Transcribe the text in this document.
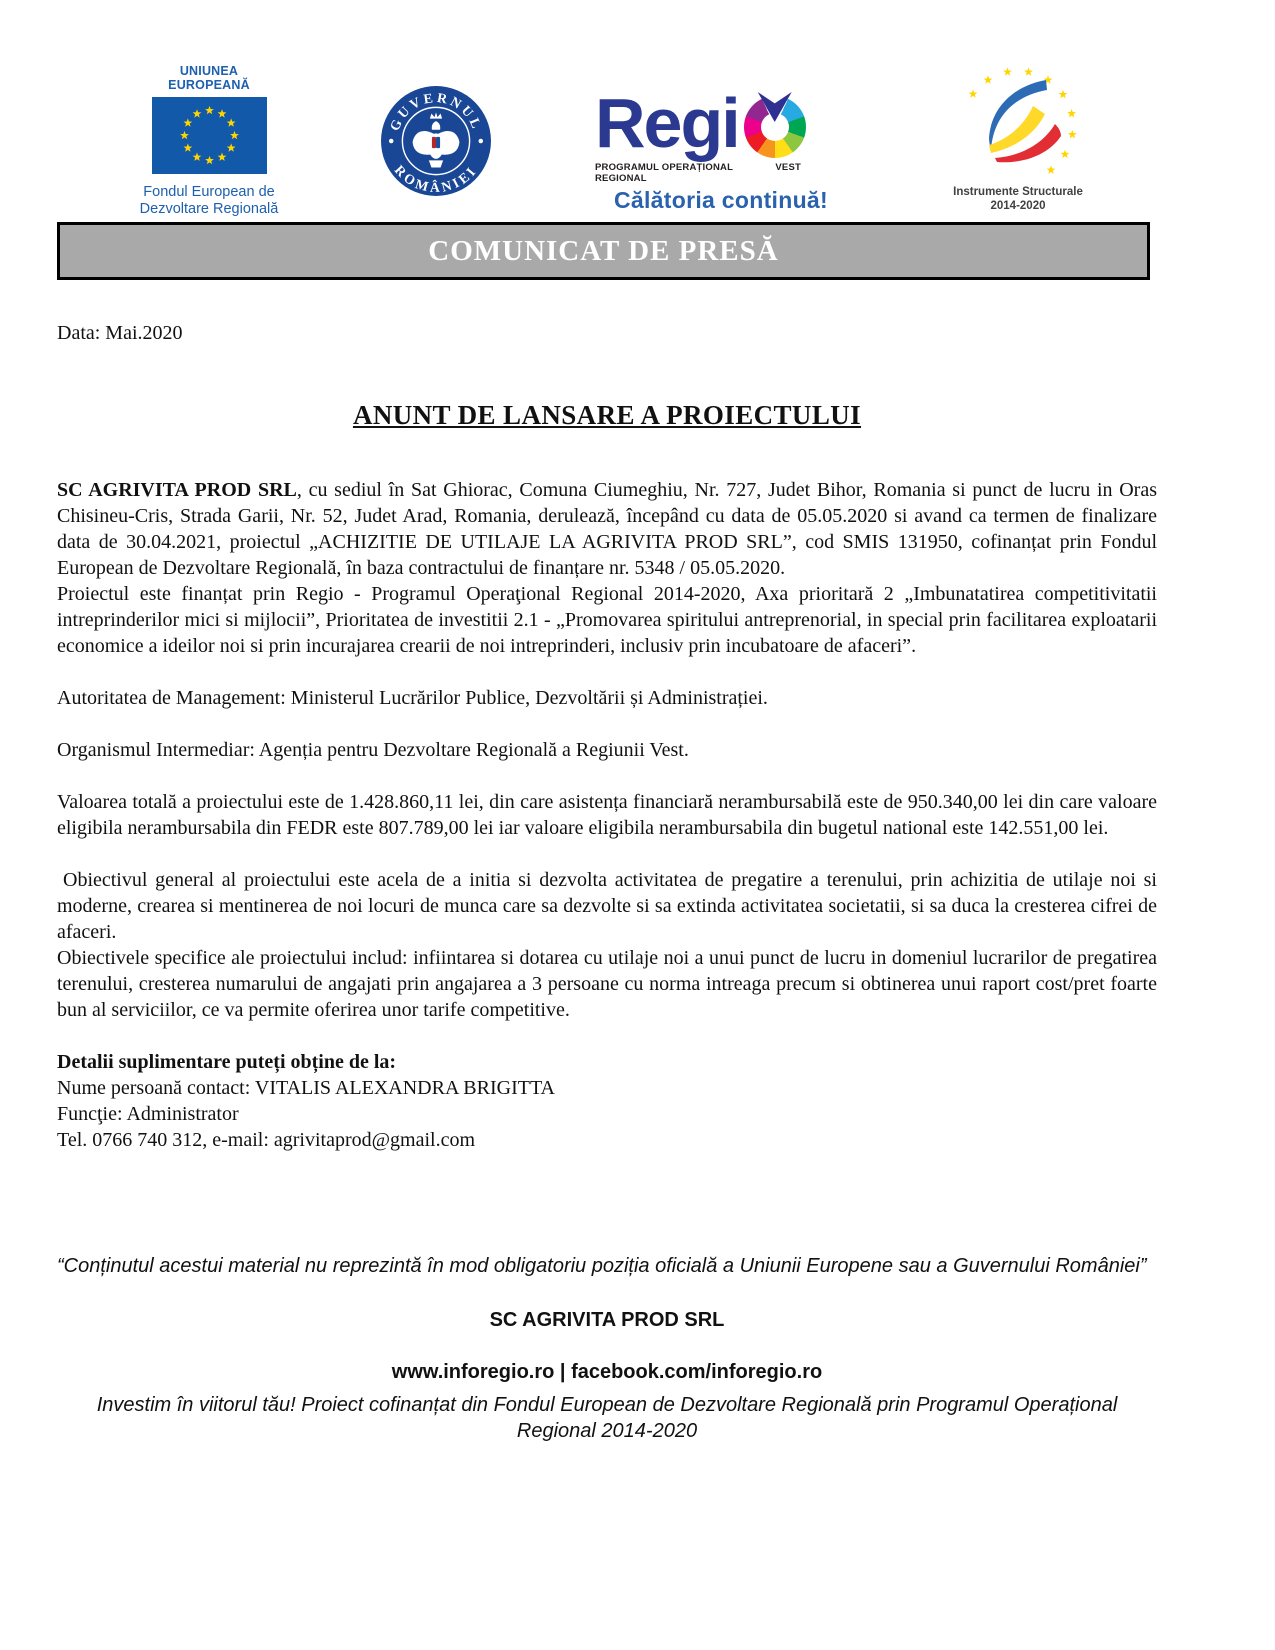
UNIUNEA EUROPEANĂ
Fondul European de
Dezvoltare Regională
GUVERNUL
ROMÂNIEI
Regi
PROGRAMUL OPERAȚIONAL REGIONAL
VEST
Călătoria continuă!	Instrumente Structurale
2014-2020
COMUNICAT DE PRESĂ

Data: Mai.2020

ANUNT DE LANSARE A PROIECTULUI

SC AGRIVITA PROD SRL, cu sediul în Sat Ghiorac, Comuna Ciumeghiu, Nr. 727, Judet Bihor, Romania si punct de lucru in Oras Chisineu-Cris, Strada Garii, Nr. 52, Judet Arad, Romania, derulează, începând cu data de 05.05.2020 si avand ca termen de finalizare data de 30.04.2021, proiectul „ACHIZITIE DE UTILAJE LA AGRIVITA PROD SRL”, cod SMIS 131950, cofinanțat prin Fondul European de Dezvoltare Regională, în baza contractului de finanțare nr. 5348 / 05.05.2020.

Proiectul este finanțat prin Regio - Programul Operaţional Regional 2014-2020, Axa prioritară 2 „Imbunatatirea competitivitatii intreprinderilor mici si mijlocii”, Prioritatea de investitii 2.1 - „Promovarea spiritului antreprenorial, in special prin facilitarea exploatarii economice a ideilor noi si prin incurajarea crearii de noi intreprinderi, inclusiv prin incubatoare de afaceri”.

Autoritatea de Management: Ministerul Lucrărilor Publice, Dezvoltării și Administrației.

Organismul Intermediar: Agenția pentru Dezvoltare Regională a Regiunii Vest.

Valoarea totală a proiectului este de 1.428.860,11 lei, din care asistența financiară nerambursabilă este de 950.340,00 lei din care valoare eligibila nerambursabila din FEDR este 807.789,00 lei iar valoare eligibila nerambursabila din bugetul national este 142.551,00 lei.

Obiectivul general al proiectului este acela de a initia si dezvolta activitatea de pregatire a terenului, prin achizitia de utilaje noi si moderne, crearea si mentinerea de noi locuri de munca care sa dezvolte si sa extinda activitatea societatii, si sa duca la cresterea cifrei de afaceri.

Obiectivele specifice ale proiectului includ: infiintarea si dotarea cu utilaje noi a unui punct de lucru in domeniul lucrarilor de pregatirea terenului, cresterea numarului de angajati prin angajarea a 3 persoane cu norma intreaga precum si obtinerea unui raport cost/pret foarte bun al serviciilor, ce va permite oferirea unor tarife competitive.

Detalii suplimentare puteți obține de la:

Nume persoană contact: VITALIS ALEXANDRA BRIGITTA

Funcţie: Administrator

Tel. 0766 740 312, e-mail: agrivitaprod@gmail.com

“Conținutul acestui material nu reprezintă în mod obligatoriu poziția oficială a Uniunii Europene sau a Guvernului României”

SC AGRIVITA PROD SRL

www.inforegio.ro | facebook.com/inforegio.ro

Investim în viitorul tău! Proiect cofinanțat din Fondul European de Dezvoltare Regională prin Programul Operațional Regional 2014-2020
